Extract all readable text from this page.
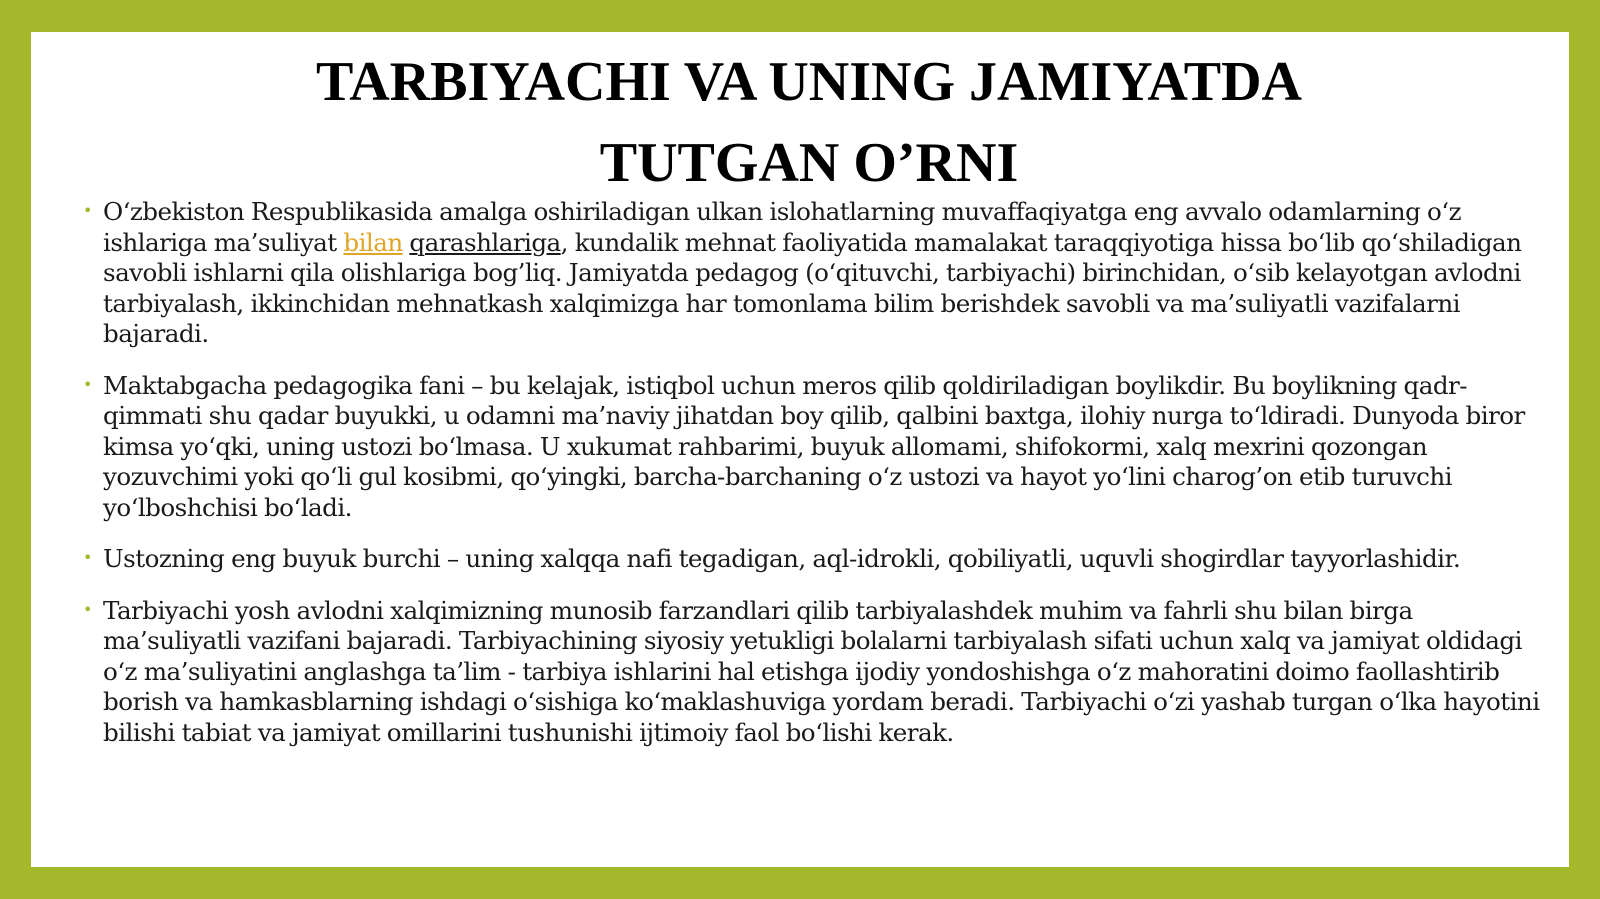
TARBIYACHI VA UNING JAMIYATDA
TUTGAN O’RNI
• O‘zbekiston Respublikasida amalga oshiriladigan ulkan islohatlarning muvaffaqiyatga eng avvalo odamlarning o‘z ishlariga ma’suliyat bilan qarashlariga, kundalik mehnat faoliyatida mamalakat taraqqiyotiga hissa bo‘lib qo‘shiladigan savobli ishlarni qila olishlariga bog’liq. Jamiyatda pedagog (o‘qituvchi, tarbiyachi) birinchidan, o‘sib kelayotgan avlodni tarbiyalash, ikkinchidan mehnatkash xalqimizga har tomonlama bilim berishdek savobli va ma’suliyatli vazifalarni bajaradi.
• Maktabgacha pedagogika fani – bu kelajak, istiqbol uchun meros qilib qoldiriladigan boylikdir. Bu boylikning qadr-qimmati shu qadar buyukki, u odamni ma’naviy jihatdan boy qilib, qalbini baxtga, ilohiy nurga to‘ldiradi. Dunyoda biror kimsa yo‘qki, uning ustozi bo‘lmasa. U xukumat rahbarimi, buyuk allomami, shifokormi, xalq mexrini qozongan yozuvchimi yoki qo‘li gul kosibmi, qo‘yingki, barcha-barchaning o‘z ustozi va hayot yo‘lini charog’on etib turuvchi yo‘lboshchisi bo‘ladi.
• Ustozning eng buyuk burchi – uning xalqqa nafi tegadigan, aql-idrokli, qobiliyatli, uquvli shogirdlar tayyorlashidir.
• Tarbiyachi yosh avlodni xalqimizning munosib farzandlari qilib tarbiyalashdek muhim va fahrli shu bilan birga ma’suliyatli vazifani bajaradi. Tarbiyachining siyosiy yetukligi bolalarni tarbiyalash sifati uchun xalq va jamiyat oldidagi o‘z ma’suliyatini anglashga ta’lim - tarbiya ishlarini hal etishga ijodiy yondoshishga o‘z mahoratini doimo faollashtirib borish va hamkasblarning ishdagi o‘sishiga ko‘maklashuviga yordam beradi. Tarbiyachi o‘zi yashab turgan o‘lka hayotini bilishi tabiat va jamiyat omillarini tushunishi ijtimoiy faol bo‘lishi kerak.
